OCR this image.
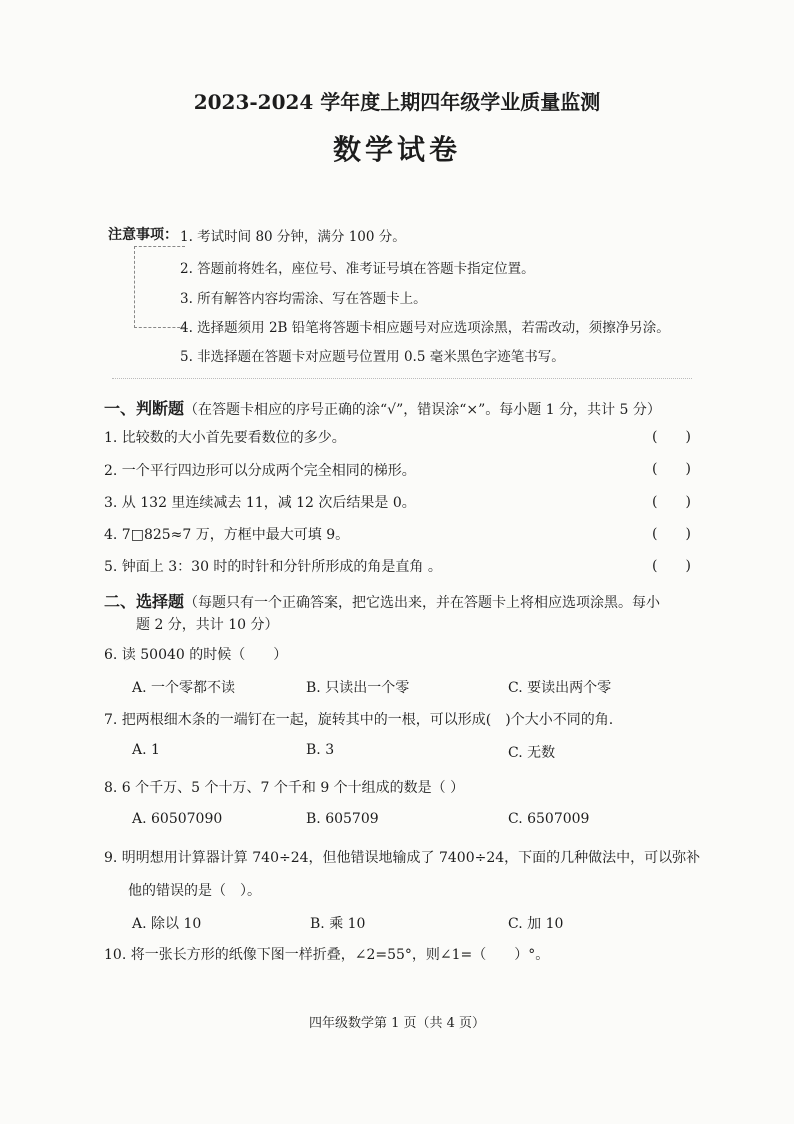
2023-2024 学年度上期四年级学业质量监测
数学试卷
注意事项： 1. 考试时间 80 分钟，满分 100 分。
2. 答题前将姓名，座位号、准考证号填在答题卡指定位置。
3. 所有解答内容均需涂、写在答题卡上。
4. 选择题须用 2B 铅笔将答题卡相应题号对应选项涂黑，若需改动，须擦净另涂。
5. 非选择题在答题卡对应题号位置用 0.5 毫米黑色字迹笔书写。
一、判断题（在答题卡相应的序号正确的涂“√”，错误涂“×”。每小题 1 分，共计 5 分）
1. 比较数的大小首先要看数位的多少。	(　　)
2. 一个平行四边形可以分成两个完全相同的梯形。	(　　)
3. 从 132 里连续减去 11，减 12 次后结果是 0。	(　　)
4. 7□825≈7 万，方框中最大可填 9。	(　　)
5. 钟面上 3：30 时的时针和分针所形成的角是直角 。	(　　)
二、选择题（每题只有一个正确答案，把它选出来，并在答题卡上将相应选项涂黑。每小
题 2 分，共计 10 分）
6. 读 50040 的时候（　　）
A. 一个零都不读	B. 只读出一个零	C. 要读出两个零
7. 把两根细木条的一端钉在一起，旋转其中的一根，可以形成(　)个大小不同的角.
A. 1	B. 3	C. 无数
8. 6 个千万、5 个十万、7 个千和 9 个十组成的数是（ ）
A. 60507090	B. 605709	C. 6507009
9. 明明想用计算器计算 740÷24，但他错误地输成了 7400÷24，下面的几种做法中，可以弥补
他的错误的是（　）。
A. 除以 10	B. 乘 10	C. 加 10
10. 将一张长方形的纸像下图一样折叠，∠2=55°，则∠1=（　　）°。
四年级数学第 1 页（共 4 页）
